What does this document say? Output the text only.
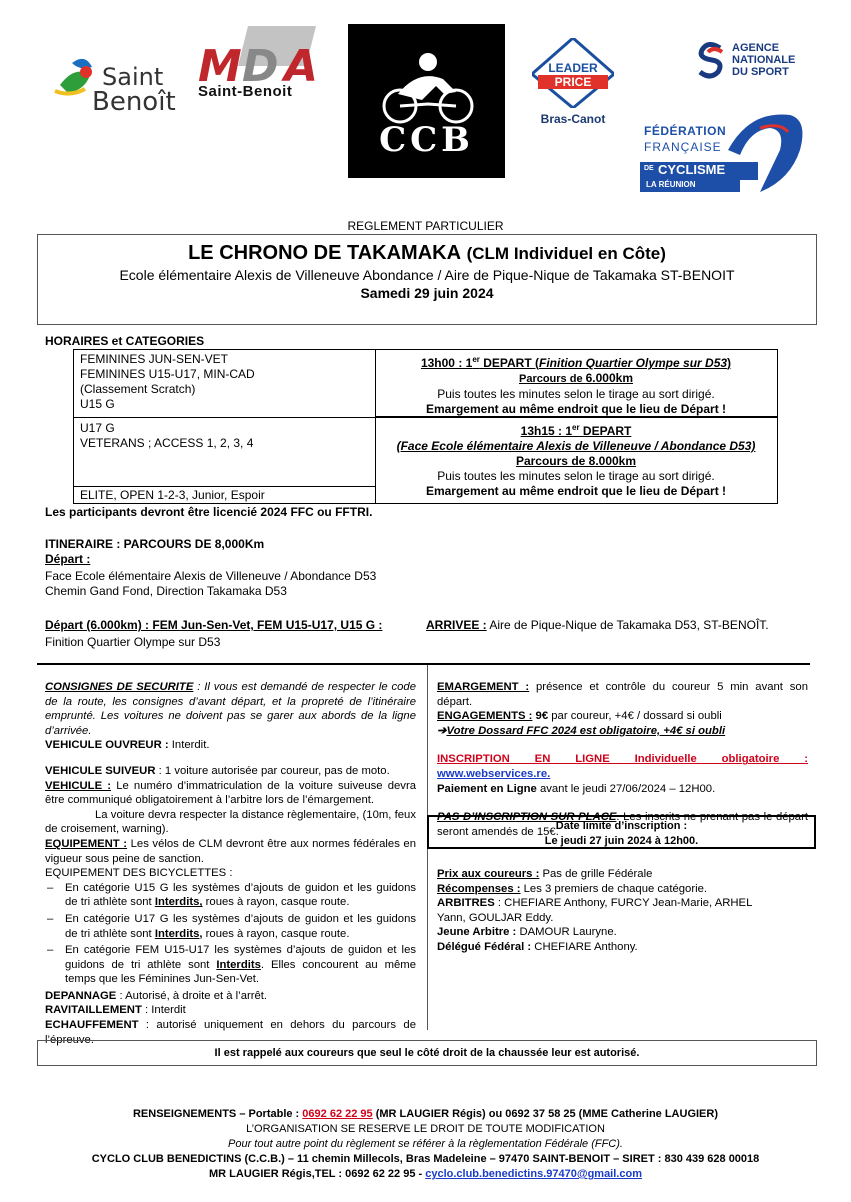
Saint
Benoît
M D A
Saint-Benoit
CCB
LEADER
PRICE
Bras-Canot
AGENCE
NATIONALE
DU SPORT
FÉDÉRATION
FRANÇAISE
DE CYCLISME
LA RÉUNION
REGLEMENT PARTICULIER
LE CHRONO DE TAKAMAKA (CLM Individuel en Côte)
Ecole élémentaire Alexis de Villeneuve Abondance / Aire de Pique-Nique de Takamaka ST-BENOIT
Samedi 29 juin 2024
HORAIRES et CATEGORIES
FEMININES JUN-SEN-VET
FEMININES U15-U17, MIN-CAD
(Classement Scratch)
U15 G
13h00 : 1er DEPART (Finition Quartier Olympe sur D53)
Parcours de 6.000km
Puis toutes les minutes selon le tirage au sort dirigé.
Emargement au même endroit que le lieu de Départ !
U17 G
VETERANS ; ACCESS 1, 2, 3, 4
13h15 : 1er DEPART
(Face Ecole élémentaire Alexis de Villeneuve / Abondance D53)
Parcours de 8.000km
Puis toutes les minutes selon le tirage au sort dirigé.
Emargement au même endroit que le lieu de Départ !
ELITE, OPEN 1-2-3, Junior, Espoir
Les participants devront être licencié 2024 FFC ou FFTRI.
ITINERAIRE : PARCOURS DE 8,000Km
Départ :
Face Ecole élémentaire Alexis de Villeneuve / Abondance D53
Chemin Gand Fond, Direction Takamaka D53
Départ (6.000km) : FEM Jun-Sen-Vet, FEM U15-U17, U15 G :
Finition Quartier Olympe sur D53
ARRIVEE : Aire de Pique-Nique de Takamaka D53, ST-BENOÎT.
CONSIGNES DE SECURITE : Il vous est demandé de respecter le code de la route, les consignes d’avant départ, et la propreté de l’itinéraire emprunté. Les voitures ne doivent pas se garer aux abords de la ligne d’arrivée.
VEHICULE OUVREUR : Interdit.
VEHICULE SUIVEUR : 1 voiture autorisée par coureur, pas de moto.
VEHICULE : Le numéro d’immatriculation de la voiture suiveuse devra être communiqué obligatoirement à l’arbitre lors de l’émargement.
La voiture devra respecter la distance règlementaire, (10m, feux de croisement, warning).
EQUIPEMENT : Les vélos de CLM devront être aux normes fédérales en vigueur sous peine de sanction.
EQUIPEMENT DES BICYCLETTES :
– En catégorie U15 G les systèmes d’ajouts de guidon et les guidons de tri athlète sont Interdits, roues à rayon, casque route.
– En catégorie U17 G les systèmes d’ajouts de guidon et les guidons de tri athlète sont Interdits, roues à rayon, casque route.
– En catégorie FEM U15-U17 les systèmes d’ajouts de guidon et les guidons de tri athlète sont Interdits. Elles concourent au même temps que les Féminines Jun-Sen-Vet.
DEPANNAGE : Autorisé, à droite et à l’arrêt.
RAVITAILLEMENT : Interdit
ECHAUFFEMENT : autorisé uniquement en dehors du parcours de l’épreuve.
EMARGEMENT : présence et contrôle du coureur 5 min avant son départ.
ENGAGEMENTS : 9€ par coureur, +4€ / dossard si oubli
➔Votre Dossard FFC 2024 est obligatoire, +4€ si oubli
INSCRIPTION EN LIGNE Individuelle obligatoire : www.webservices.re.
Paiement en Ligne avant le jeudi 27/06/2024 – 12H00.
PAS D’INSCRIPTION SUR PLACE. Les inscrits ne prenant pas le départ seront amendés de 15€.
Date limite d’inscription :
Le jeudi 27 juin 2024 à 12h00.
Prix aux coureurs : Pas de grille Fédérale
Récompenses : Les 3 premiers de chaque catégorie.
ARBITRES : CHEFIARE Anthony, FURCY Jean-Marie, ARHEL Yann, GOULJAR Eddy.
Jeune Arbitre : DAMOUR Lauryne.
Délégué Fédéral : CHEFIARE Anthony.
Il est rappelé aux coureurs que seul le côté droit de la chaussée leur est autorisé.
RENSEIGNEMENTS – Portable : 0692 62 22 95 (MR LAUGIER Régis) ou 0692 37 58 25 (MME Catherine LAUGIER)
L’ORGANISATION SE RESERVE LE DROIT DE TOUTE MODIFICATION
Pour tout autre point du règlement se référer à la règlementation Fédérale (FFC).
CYCLO CLUB BENEDICTINS (C.C.B.) – 11 chemin Millecols, Bras Madeleine – 97470 SAINT-BENOIT – SIRET : 830 439 628 00018
MR LAUGIER Régis,TEL : 0692 62 22 95 - cyclo.club.benedictins.97470@gmail.com
